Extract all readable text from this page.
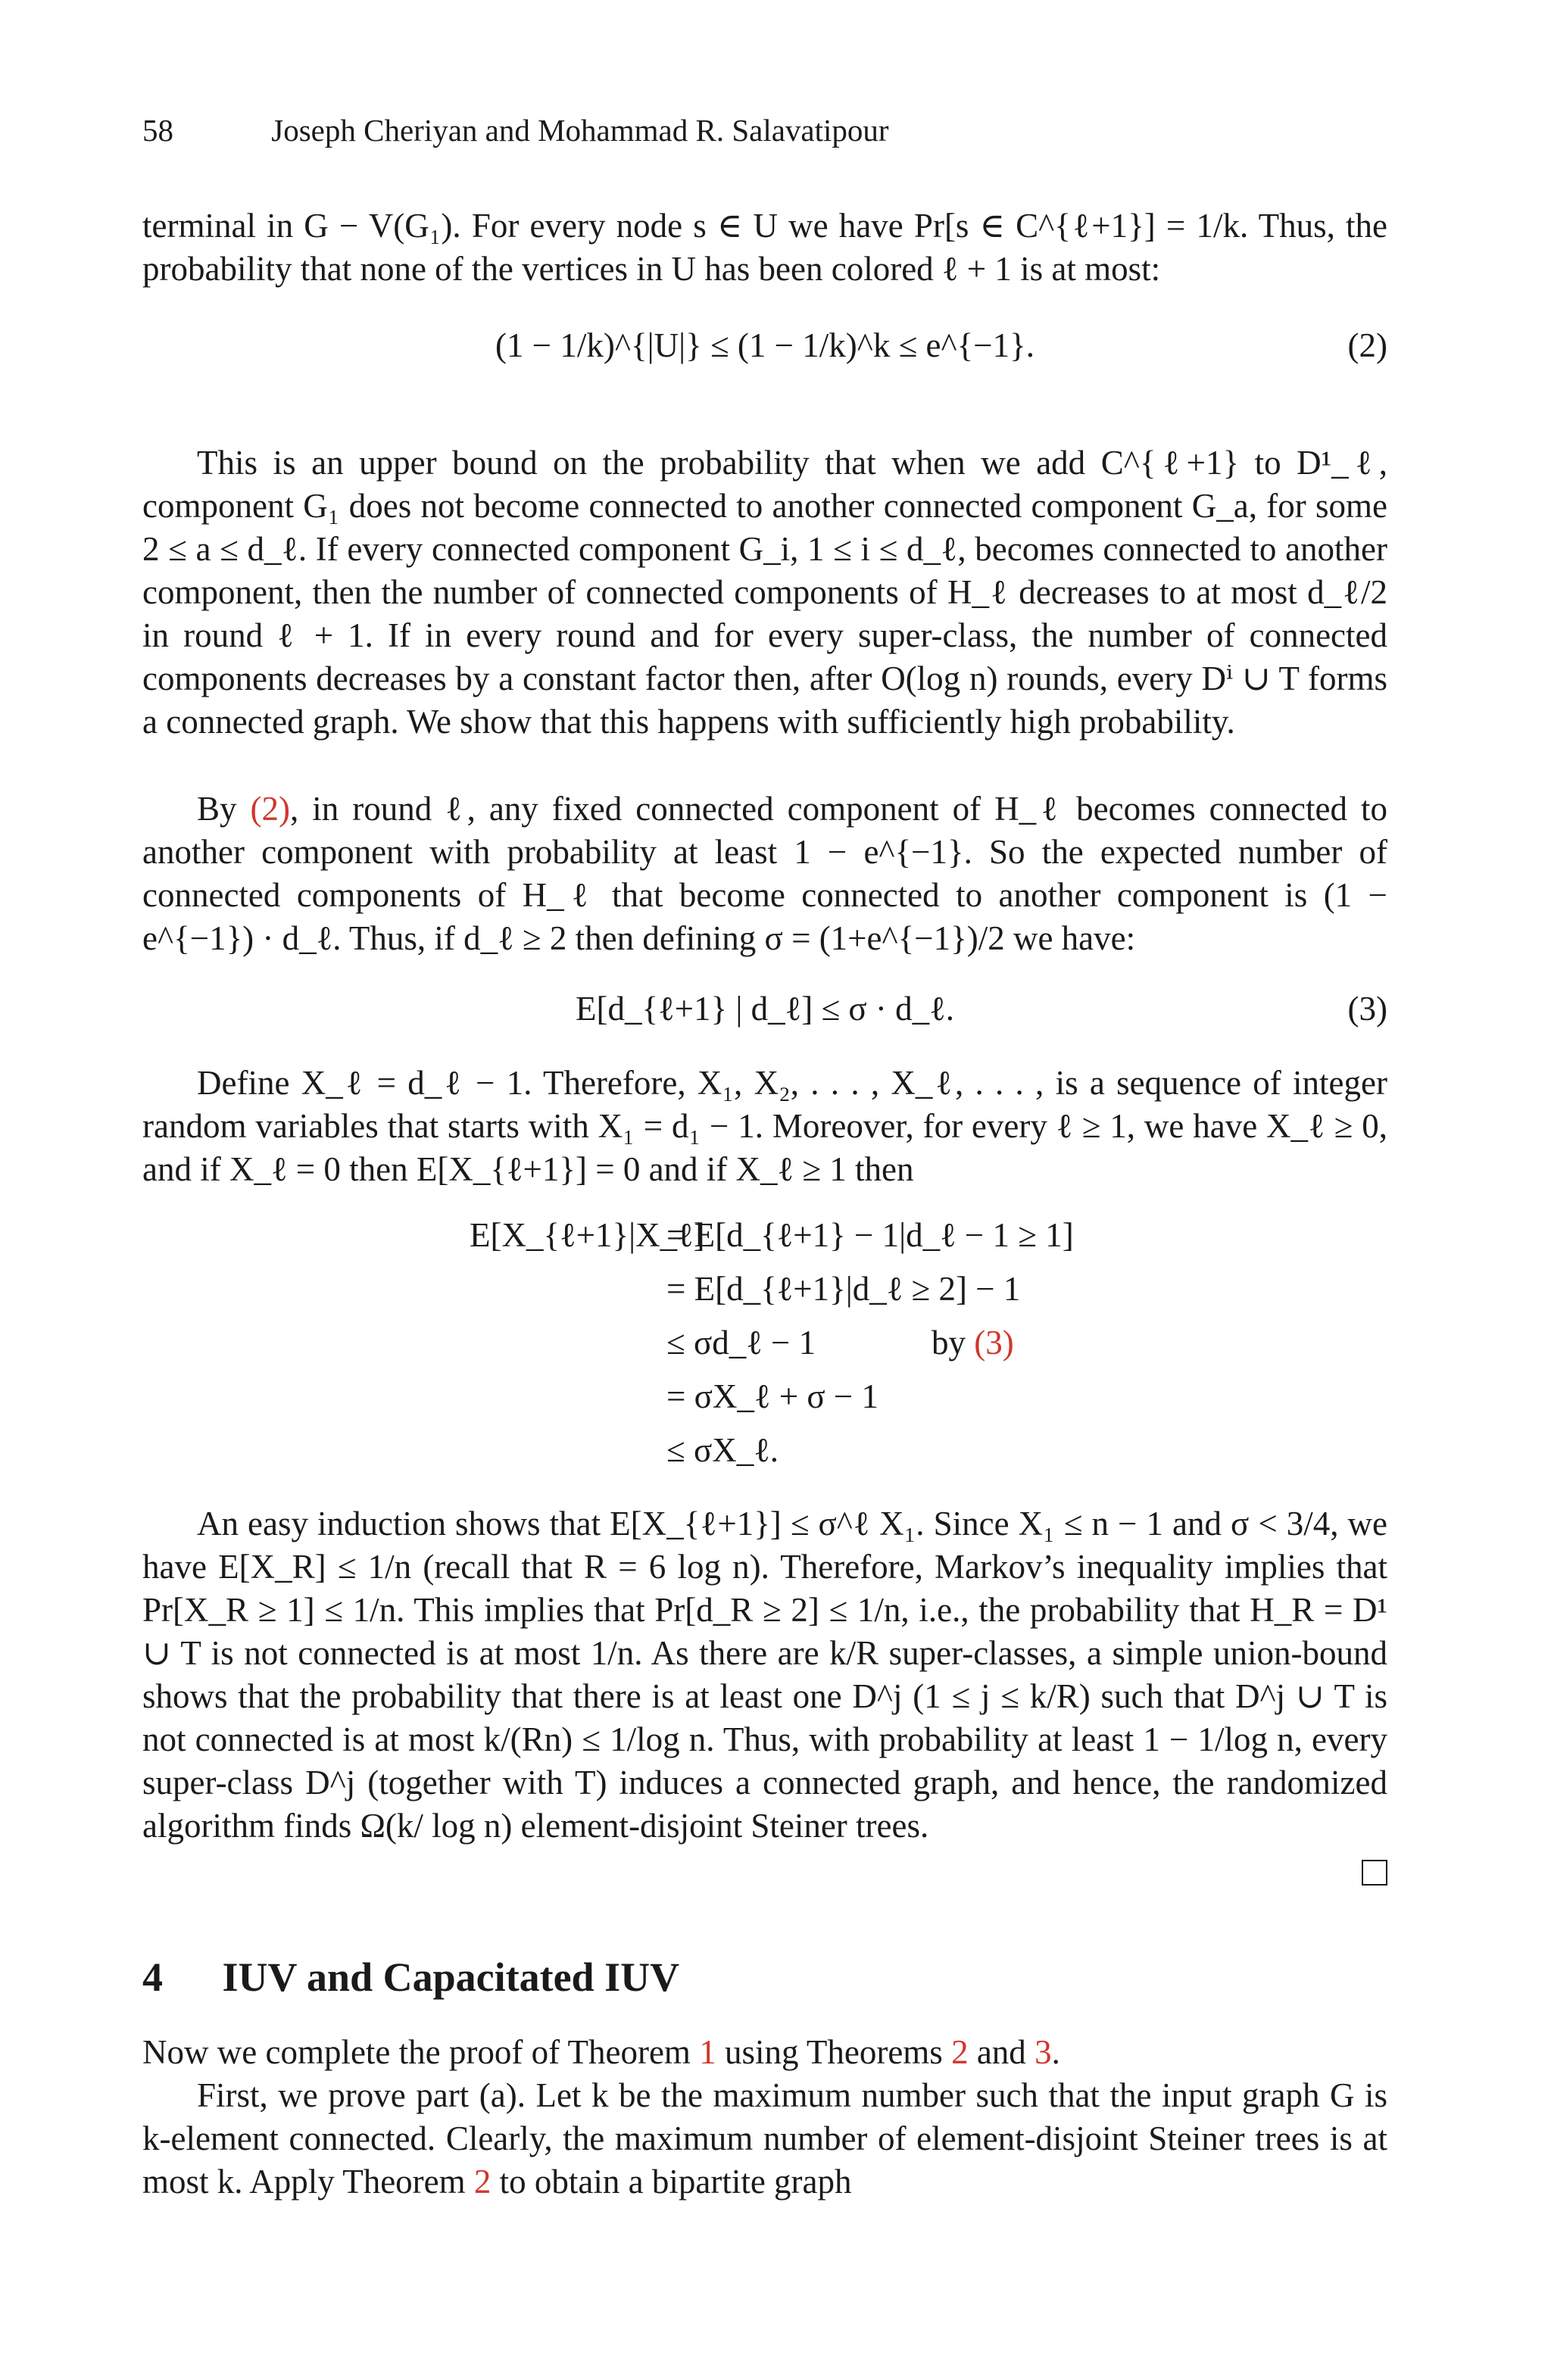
58	Joseph Cheriyan and Mohammad R. Salavatipour

terminal in G − V(G₁). For every node s ∈ U we have Pr[s ∈ C^{ℓ+1}] = 1/k. Thus, the probability that none of the vertices in U has been colored ℓ + 1 is at most:

(1 − 1/k)^{|U|} ≤ (1 − 1/k)^k ≤ e^{−1}.	(2)

This is an upper bound on the probability that when we add C^{ℓ+1} to D¹_ℓ, component G₁ does not become connected to another connected component G_a, for some 2 ≤ a ≤ d_ℓ. If every connected component G_i, 1 ≤ i ≤ d_ℓ, becomes connected to another component, then the number of connected components of H_ℓ decreases to at most d_ℓ/2 in round ℓ + 1. If in every round and for every super-class, the number of connected components decreases by a constant factor then, after O(log n) rounds, every Dⁱ ∪ T forms a connected graph. We show that this happens with sufficiently high probability.

By (2), in round ℓ, any fixed connected component of H_ℓ becomes connected to another component with probability at least 1 − e^{−1}. So the expected number of connected components of H_ℓ that become connected to another component is (1 − e^{−1}) · d_ℓ. Thus, if d_ℓ ≥ 2 then defining σ = (1+e^{−1})/2 we have:

E[d_{ℓ+1} | d_ℓ] ≤ σ · d_ℓ.	(3)

Define X_ℓ = d_ℓ − 1. Therefore, X₁, X₂, . . . , X_ℓ, . . . , is a sequence of integer random variables that starts with X₁ = d₁ − 1. Moreover, for every ℓ ≥ 1, we have X_ℓ ≥ 0, and if X_ℓ = 0 then E[X_{ℓ+1}] = 0 and if X_ℓ ≥ 1 then

E[X_{ℓ+1}|X_ℓ]
= E[d_{ℓ+1} − 1|d_ℓ − 1 ≥ 1]
= E[d_{ℓ+1}|d_ℓ ≥ 2] − 1
≤ σd_ℓ − 1	by (3)
= σX_ℓ + σ − 1
≤ σX_ℓ.

An easy induction shows that E[X_{ℓ+1}] ≤ σ^ℓ X₁. Since X₁ ≤ n − 1 and σ < 3/4, we have E[X_R] ≤ 1/n (recall that R = 6 log n). Therefore, Markov’s inequality implies that Pr[X_R ≥ 1] ≤ 1/n. This implies that Pr[d_R ≥ 2] ≤ 1/n, i.e., the probability that H_R = D¹ ∪ T is not connected is at most 1/n. As there are k/R super-classes, a simple union-bound shows that the probability that there is at least one D^j (1 ≤ j ≤ k/R) such that D^j ∪ T is not connected is at most k/(Rn) ≤ 1/log n. Thus, with probability at least 1 − 1/log n, every super-class D^j (together with T) induces a connected graph, and hence, the randomized algorithm finds Ω(k/ log n) element-disjoint Steiner trees.

4 IUV and Capacitated IUV

Now we complete the proof of Theorem 1 using Theorems 2 and 3.

First, we prove part (a). Let k be the maximum number such that the input graph G is k-element connected. Clearly, the maximum number of element-disjoint Steiner trees is at most k. Apply Theorem 2 to obtain a bipartite graph
